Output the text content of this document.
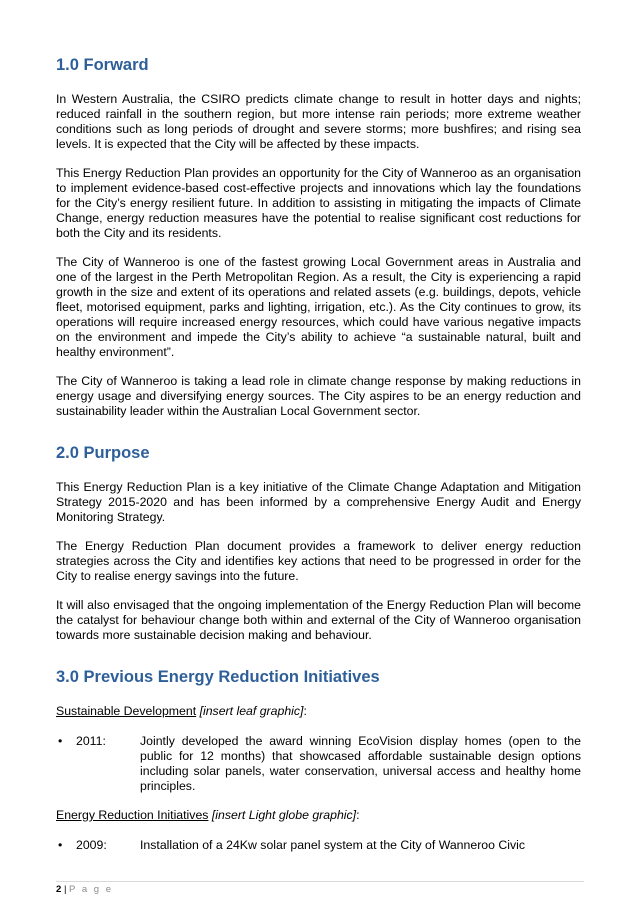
1.0 Forward

In Western Australia, the CSIRO predicts climate change to result in hotter days and nights; reduced rainfall in the southern region, but more intense rain periods; more extreme weather conditions such as long periods of drought and severe storms; more bushfires; and rising sea levels. It is expected that the City will be affected by these impacts.

This Energy Reduction Plan provides an opportunity for the City of Wanneroo as an organisation to implement evidence-based cost-effective projects and innovations which lay the foundations for the City’s energy resilient future. In addition to assisting in mitigating the impacts of Climate Change, energy reduction measures have the potential to realise significant cost reductions for both the City and its residents.

The City of Wanneroo is one of the fastest growing Local Government areas in Australia and one of the largest in the Perth Metropolitan Region. As a result, the City is experiencing a rapid growth in the size and extent of its operations and related assets (e.g. buildings, depots, vehicle fleet, motorised equipment, parks and lighting, irrigation, etc.). As the City continues to grow, its operations will require increased energy resources, which could have various negative impacts on the environment and impede the City’s ability to achieve “a sustainable natural, built and healthy environment”.

The City of Wanneroo is taking a lead role in climate change response by making reductions in energy usage and diversifying energy sources. The City aspires to be an energy reduction and sustainability leader within the Australian Local Government sector.

2.0 Purpose

This Energy Reduction Plan is a key initiative of the Climate Change Adaptation and Mitigation Strategy 2015-2020 and has been informed by a comprehensive Energy Audit and Energy Monitoring Strategy.

The Energy Reduction Plan document provides a framework to deliver energy reduction strategies across the City and identifies key actions that need to be progressed in order for the City to realise energy savings into the future.

It will also envisaged that the ongoing implementation of the Energy Reduction Plan will become the catalyst for behaviour change both within and external of the City of Wanneroo organisation towards more sustainable decision making and behaviour.

3.0 Previous Energy Reduction Initiatives
Sustainable Development [insert leaf graphic]:
• 2011:	Jointly developed the award winning EcoVision display homes (open to the public for 12 months) that showcased affordable sustainable design options including solar panels, water conservation, universal access and healthy home principles.
Energy Reduction Initiatives [insert Light globe graphic]:
• 2009:	Installation of a 24Kw solar panel system at the City of Wanneroo Civic
2 | P a g e
